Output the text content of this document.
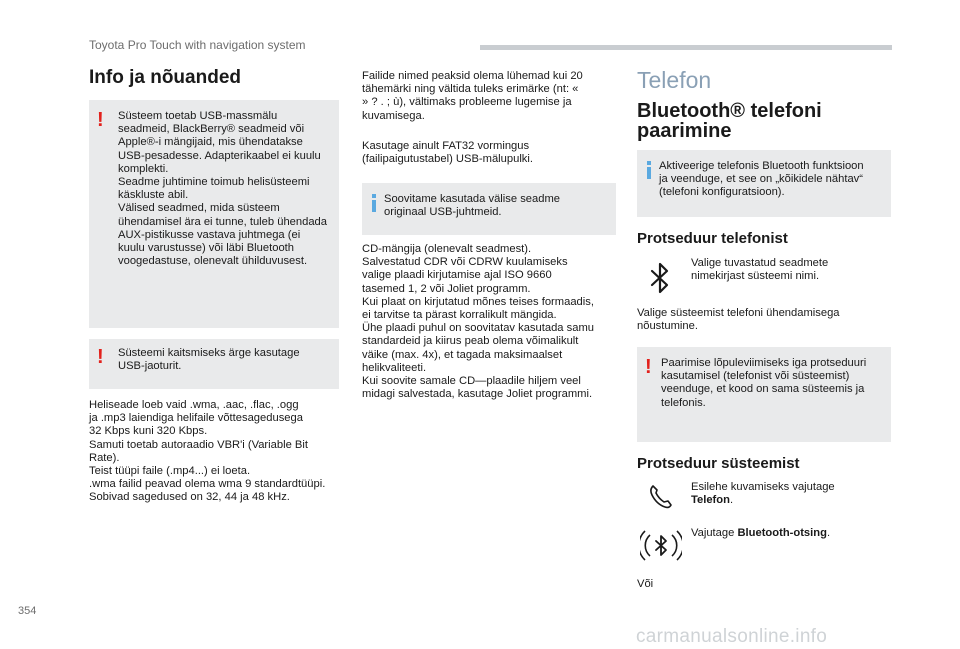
Toyota Pro Touch with navigation system
Info ja nõuanded
! Süsteem toetab USB-massmälu
seadmeid, BlackBerry® seadmeid või
Apple®-i mängijaid, mis ühendatakse
USB-pesadesse. Adapterikaabel ei kuulu
komplekti.
Seadme juhtimine toimub helisüsteemi
käskluste abil.
Välised seadmed, mida süsteem
ühendamisel ära ei tunne, tuleb ühendada
AUX-pistikusse vastava juhtmega (ei
kuulu varustusse) või läbi Bluetooth
voogedastuse, olenevalt ühilduvusest.
! Süsteemi kaitsmiseks ärge kasutage
USB-jaoturit.
Heliseade loeb vaid .wma, .aac, .flac, .ogg
ja .mp3 laiendiga helifaile võttesagedusega
32 Kbps kuni 320 Kbps.
Samuti toetab autoraadio VBR'i (Variable Bit
Rate).
Teist tüüpi faile (.mp4...) ei loeta.
.wma failid peavad olema wma 9 standardtüüpi.
Sobivad sagedused on 32, 44 ja 48 kHz.
Failide nimed peaksid olema lühemad kui 20
tähemärki ning vältida tuleks erimärke (nt: «
» ? . ; ù), vältimaks probleeme lugemise ja
kuvamisega.
Kasutage ainult FAT32 vormingus
(failipaigutustabel) USB-mälupulki.
Soovitame kasutada välise seadme
originaal USB-juhtmeid.
CD-mängija (olenevalt seadmest).
Salvestatud CDR või CDRW kuulamiseks
valige plaadi kirjutamise ajal ISO 9660
tasemed 1, 2 või Joliet programm.
Kui plaat on kirjutatud mõnes teises formaadis,
ei tarvitse ta pärast korralikult mängida.
Ühe plaadi puhul on soovitatav kasutada samu
standardeid ja kiirus peab olema võimalikult
väike (max. 4x), et tagada maksimaalset
helikvaliteeti.
Kui soovite samale CD—plaadile hiljem veel
midagi salvestada, kasutage Joliet programmi.
Telefon
Bluetooth® telefoni
paarimine
Aktiveerige telefonis Bluetooth funktsioon
ja veenduge, et see on „kõikidele nähtav“
(telefoni konfiguratsioon).
Protseduur telefonist
Valige tuvastatud seadmete
nimekirjast süsteemi nimi.
Valige süsteemist telefoni ühendamisega
nõustumine.
! Paarimise lõpuleviimiseks iga protseduuri
kasutamisel (telefonist või süsteemist)
veenduge, et kood on sama süsteemis ja
telefonis.
Protseduur süsteemist
Esilehe kuvamiseks vajutage
Telefon.
Vajutage Bluetooth-otsing.
Või
354
carmanualsonline.info
